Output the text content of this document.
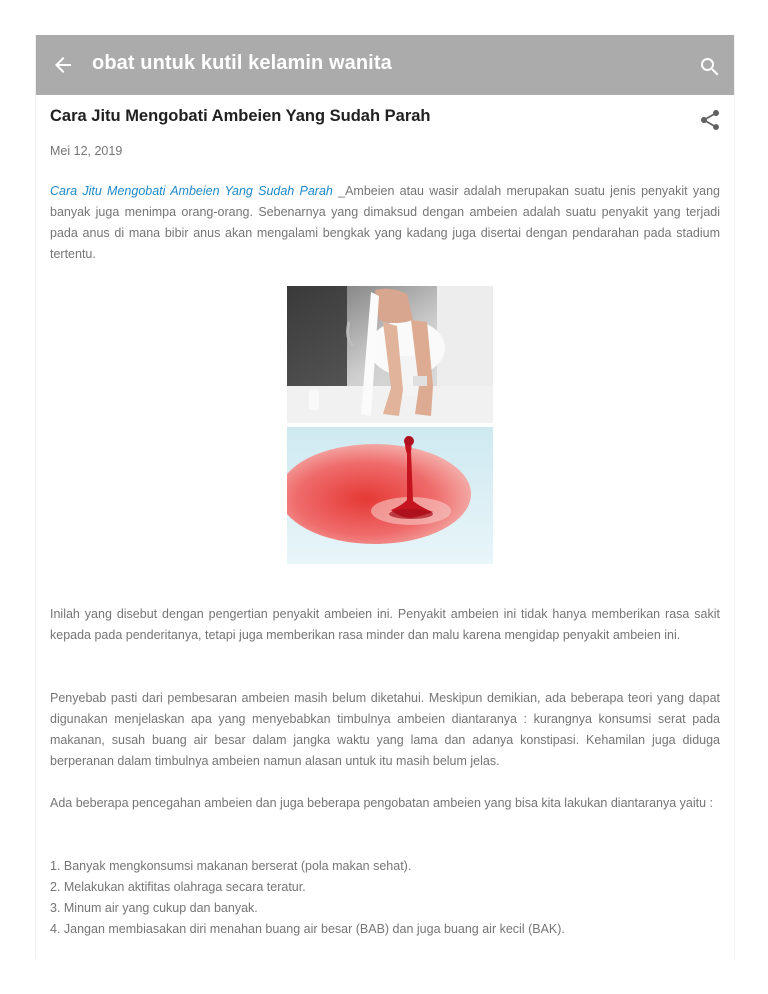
obat untuk kutil kelamin wanita
Cara Jitu Mengobati Ambeien Yang Sudah Parah
Mei 12, 2019

Cara Jitu Mengobati Ambeien Yang Sudah Parah _Ambeien atau wasir adalah merupakan suatu jenis penyakit yang banyak juga menimpa orang-orang. Sebenarnya yang dimaksud dengan ambeien adalah suatu penyakit yang terjadi pada anus di mana bibir anus akan mengalami bengkak yang kadang juga disertai dengan pendarahan pada stadium tertentu.

Inilah yang disebut dengan pengertian penyakit ambeien ini. Penyakit ambeien ini tidak hanya memberikan rasa sakit kepada pada penderitanya, tetapi juga memberikan rasa minder dan malu karena mengidap penyakit ambeien ini.

Penyebab pasti dari pembesaran ambeien masih belum diketahui. Meskipun demikian, ada beberapa teori yang dapat digunakan menjelaskan apa yang menyebabkan timbulnya ambeien diantaranya : kurangnya konsumsi serat pada makanan, susah buang air besar dalam jangka waktu yang lama dan adanya konstipasi. Kehamilan juga diduga berperanan dalam timbulnya ambeien namun alasan untuk itu masih belum jelas.

Ada beberapa pencegahan ambeien dan juga beberapa pengobatan ambeien yang bisa kita lakukan diantaranya yaitu :

1. Banyak mengkonsumsi makanan berserat (pola makan sehat).
2. Melakukan aktifitas olahraga secara teratur.
3. Minum air yang cukup dan banyak.
4. Jangan membiasakan diri menahan buang air besar (BAB) dan juga buang air kecil (BAK).
